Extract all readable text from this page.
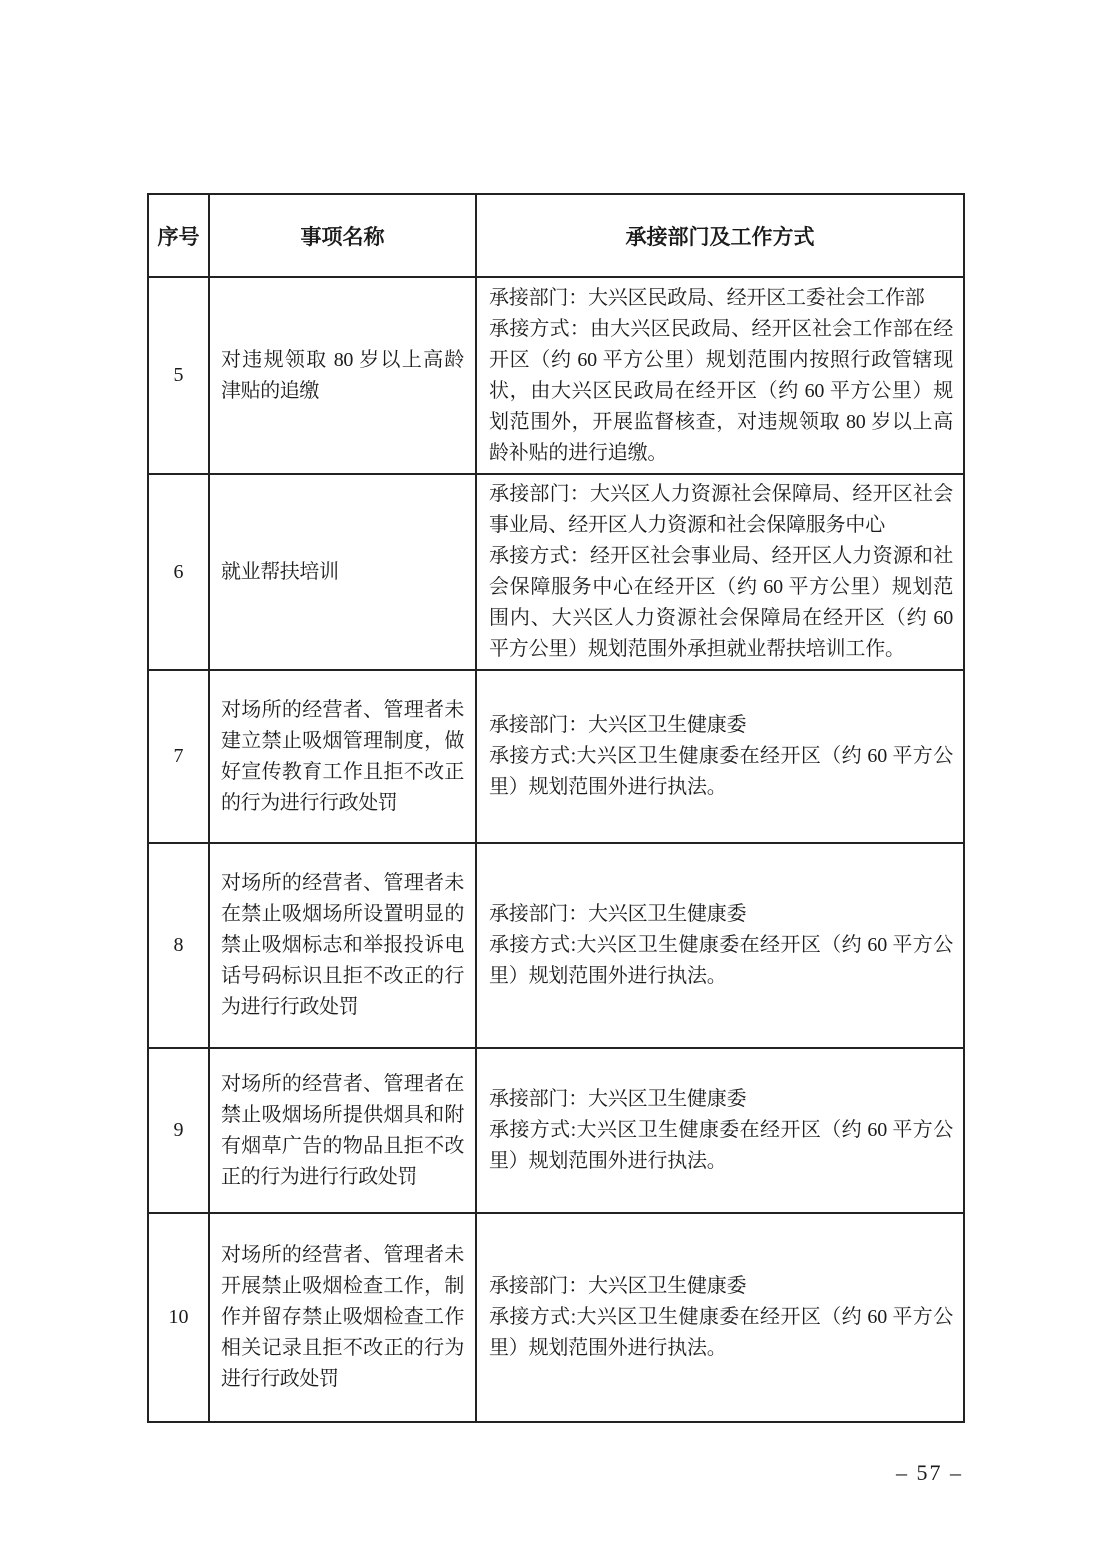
序号	事项名称	承接部门及工作方式
5	对违规领取 80 岁以上高龄津贴的追缴	承接部门：大兴区民政局、经开区工委社会工作部
承接方式：由大兴区民政局、经开区社会工作部在经开区（约 60 平方公里）规划范围内按照行政管辖现状，由大兴区民政局在经开区（约 60 平方公里）规划范围外，开展监督核查，对违规领取 80 岁以上高龄补贴的进行追缴。

6	就业帮扶培训	承接部门：大兴区人力资源社会保障局、经开区社会事业局、经开区人力资源和社会保障服务中心
承接方式：经开区社会事业局、经开区人力资源和社会保障服务中心在经开区（约 60 平方公里）规划范围内、大兴区人力资源社会保障局在经开区（约 60 平方公里）规划范围外承担就业帮扶培训工作。

7	对场所的经营者、管理者未建立禁止吸烟管理制度，做好宣传教育工作且拒不改正的行为进行行政处罚	承接部门：大兴区卫生健康委
承接方式:大兴区卫生健康委在经开区（约 60 平方公里）规划范围外进行执法。

8	对场所的经营者、管理者未在禁止吸烟场所设置明显的禁止吸烟标志和举报投诉电话号码标识且拒不改正的行为进行行政处罚	承接部门：大兴区卫生健康委
承接方式:大兴区卫生健康委在经开区（约 60 平方公里）规划范围外进行执法。

9	对场所的经营者、管理者在禁止吸烟场所提供烟具和附有烟草广告的物品且拒不改正的行为进行行政处罚	承接部门：大兴区卫生健康委
承接方式:大兴区卫生健康委在经开区（约 60 平方公里）规划范围外进行执法。

10	对场所的经营者、管理者未开展禁止吸烟检查工作，制作并留存禁止吸烟检查工作相关记录且拒不改正的行为进行行政处罚	承接部门：大兴区卫生健康委
承接方式:大兴区卫生健康委在经开区（约 60 平方公里）规划范围外进行执法。
– 57 –
